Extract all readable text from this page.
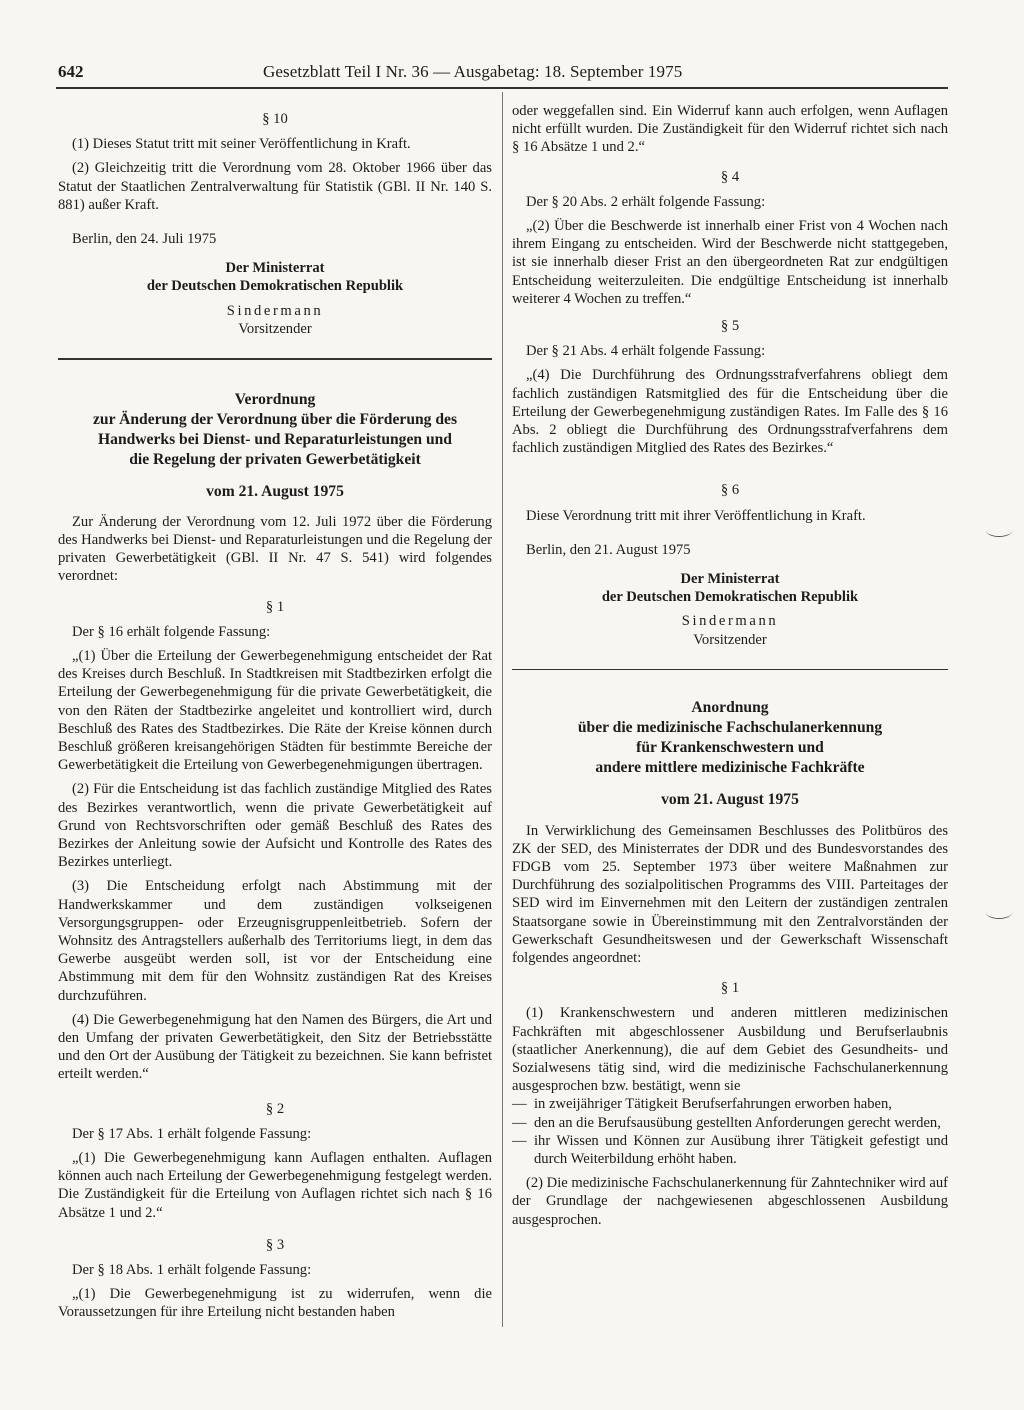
642	Gesetzblatt Teil I Nr. 36 — Ausgabetag: 18. September 1975

§ 10

(1) Dieses Statut tritt mit seiner Veröffentlichung in Kraft.

(2) Gleichzeitig tritt die Verordnung vom 28. Oktober 1966 über das Statut der Staatlichen Zentralverwaltung für Statistik (GBl. II Nr. 140 S. 881) außer Kraft.

Berlin, den 24. Juli 1975

Der Ministerrat

der Deutschen Demokratischen Republik

Sindermann

Vorsitzender

Verordnung

zur Änderung der Verordnung über die Förderung des

Handwerks bei Dienst- und Reparaturleistungen und

die Regelung der privaten Gewerbetätigkeit

vom 21. August 1975

Zur Änderung der Verordnung vom 12. Juli 1972 über die Förderung des Handwerks bei Dienst- und Reparaturleistungen und die Regelung der privaten Gewerbetätigkeit (GBl. II Nr. 47 S. 541) wird folgendes verordnet:

§ 1

Der § 16 erhält folgende Fassung:

„(1) Über die Erteilung der Gewerbegenehmigung entscheidet der Rat des Kreises durch Beschluß. In Stadtkreisen mit Stadtbezirken erfolgt die Erteilung der Gewerbegenehmigung für die private Gewerbetätigkeit, die von den Räten der Stadtbezirke angeleitet und kontrolliert wird, durch Beschluß des Rates des Stadtbezirkes. Die Räte der Kreise können durch Beschluß größeren kreisangehörigen Städten für bestimmte Bereiche der Gewerbetätigkeit die Erteilung von Gewerbegenehmigungen übertragen.

(2) Für die Entscheidung ist das fachlich zuständige Mitglied des Rates des Bezirkes verantwortlich, wenn die private Gewerbetätigkeit auf Grund von Rechtsvorschriften oder gemäß Beschluß des Rates des Bezirkes der Anleitung sowie der Aufsicht und Kontrolle des Rates des Bezirkes unterliegt.

(3) Die Entscheidung erfolgt nach Abstimmung mit der Handwerkskammer und dem zuständigen volkseigenen Versorgungsgruppen- oder Erzeugnisgruppenleitbetrieb. Sofern der Wohnsitz des Antragstellers außerhalb des Territoriums liegt, in dem das Gewerbe ausgeübt werden soll, ist vor der Entscheidung eine Abstimmung mit dem für den Wohnsitz zuständigen Rat des Kreises durchzuführen.

(4) Die Gewerbegenehmigung hat den Namen des Bürgers, die Art und den Umfang der privaten Gewerbetätigkeit, den Sitz der Betriebsstätte und den Ort der Ausübung der Tätigkeit zu bezeichnen. Sie kann befristet erteilt werden.“

§ 2

Der § 17 Abs. 1 erhält folgende Fassung:

„(1) Die Gewerbegenehmigung kann Auflagen enthalten. Auflagen können auch nach Erteilung der Gewerbegenehmigung festgelegt werden. Die Zuständigkeit für die Erteilung von Auflagen richtet sich nach § 16 Absätze 1 und 2.“

§ 3

Der § 18 Abs. 1 erhält folgende Fassung:

„(1) Die Gewerbegenehmigung ist zu widerrufen, wenn die Voraussetzungen für ihre Erteilung nicht bestanden haben

oder weggefallen sind. Ein Widerruf kann auch erfolgen, wenn Auflagen nicht erfüllt wurden. Die Zuständigkeit für den Widerruf richtet sich nach § 16 Absätze 1 und 2.“

§ 4

Der § 20 Abs. 2 erhält folgende Fassung:

„(2) Über die Beschwerde ist innerhalb einer Frist von 4 Wochen nach ihrem Eingang zu entscheiden. Wird der Beschwerde nicht stattgegeben, ist sie innerhalb dieser Frist an den übergeordneten Rat zur endgültigen Entscheidung weiterzuleiten. Die endgültige Entscheidung ist innerhalb weiterer 4 Wochen zu treffen.“

§ 5

Der § 21 Abs. 4 erhält folgende Fassung:

„(4) Die Durchführung des Ordnungsstrafverfahrens obliegt dem fachlich zuständigen Ratsmitglied des für die Entscheidung über die Erteilung der Gewerbegenehmigung zuständigen Rates. Im Falle des § 16 Abs. 2 obliegt die Durchführung des Ordnungsstrafverfahrens dem fachlich zuständigen Mitglied des Rates des Bezirkes.“

§ 6

Diese Verordnung tritt mit ihrer Veröffentlichung in Kraft.

Berlin, den 21. August 1975

Der Ministerrat

der Deutschen Demokratischen Republik

Sindermann

Vorsitzender

Anordnung

über die medizinische Fachschulanerkennung

für Krankenschwestern und

andere mittlere medizinische Fachkräfte

vom 21. August 1975

In Verwirklichung des Gemeinsamen Beschlusses des Politbüros des ZK der SED, des Ministerrates der DDR und des Bundesvorstandes des FDGB vom 25. September 1973 über weitere Maßnahmen zur Durchführung des sozialpolitischen Programms des VIII. Parteitages der SED wird im Einvernehmen mit den Leitern der zuständigen zentralen Staatsorgane sowie in Übereinstimmung mit den Zentralvorständen der Gewerkschaft Gesundheitswesen und der Gewerkschaft Wissenschaft folgendes angeordnet:

§ 1

(1) Krankenschwestern und anderen mittleren medizinischen Fachkräften mit abgeschlossener Ausbildung und Berufserlaubnis (staatlicher Anerkennung), die auf dem Gebiet des Gesundheits- und Sozialwesens tätig sind, wird die medizinische Fachschulanerkennung ausgesprochen bzw. bestätigt, wenn sie

— in zweijähriger Tätigkeit Berufserfahrungen erworben haben,
— den an die Berufsausübung gestellten Anforderungen gerecht werden,
— ihr Wissen und Können zur Ausübung ihrer Tätigkeit gefestigt und durch Weiterbildung erhöht haben.

(2) Die medizinische Fachschulanerkennung für Zahntechniker wird auf der Grundlage der nachgewiesenen abgeschlossenen Ausbildung ausgesprochen.
